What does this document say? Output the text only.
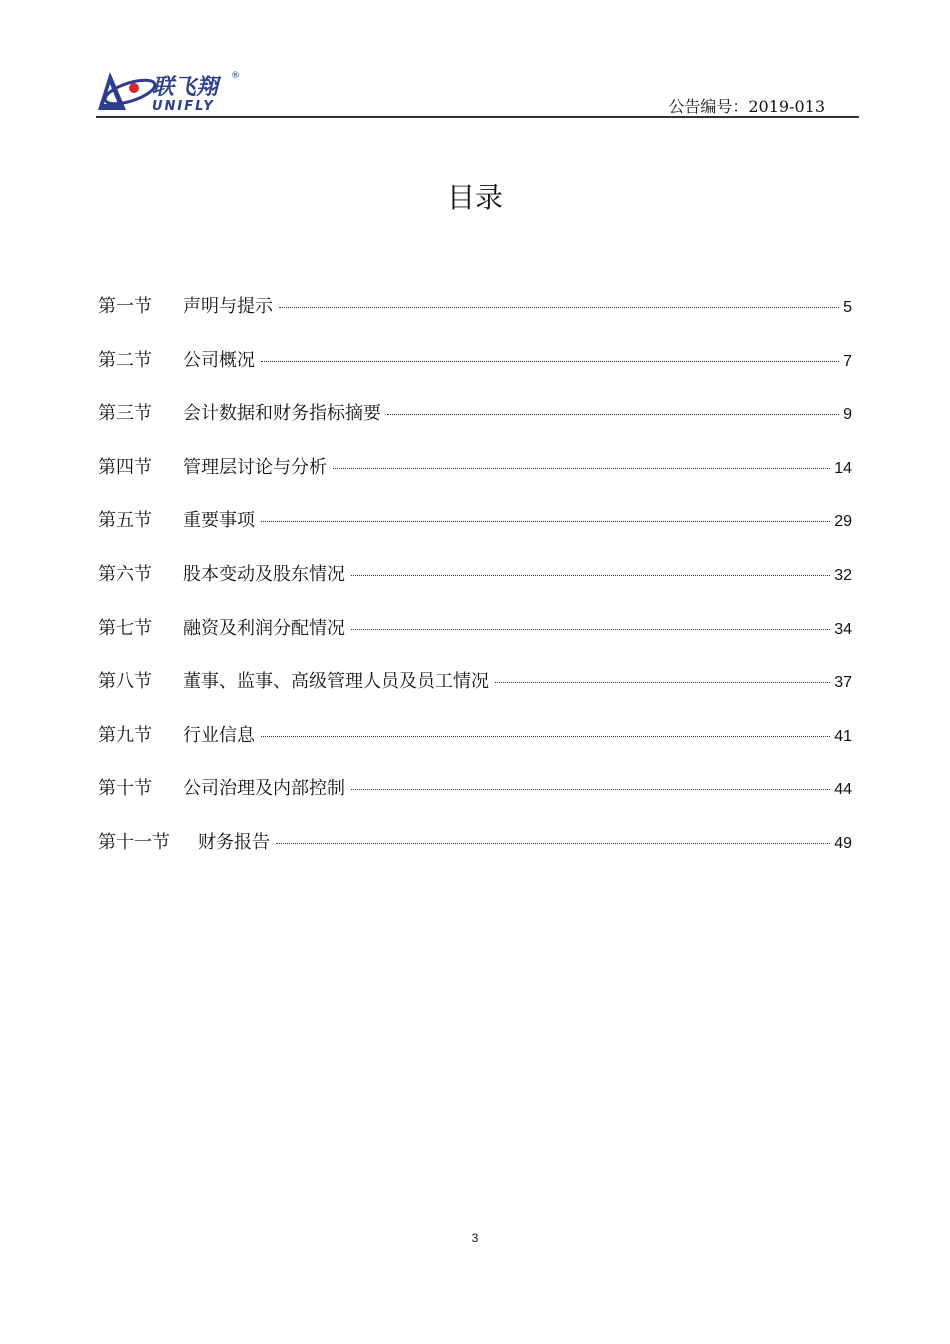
联飞翔	®
UNIFLY	公告编号：2019-013
目录
第一节	声明与提示	5
第二节	公司概况	7
第三节	会计数据和财务指标摘要	9
第四节	管理层讨论与分析	14
第五节	重要事项	29
第六节	股本变动及股东情况	32
第七节	融资及利润分配情况	34
第八节	董事、监事、高级管理人员及员工情况	37
第九节	行业信息	41
第十节	公司治理及内部控制	44
第十一节	财务报告	49
3
